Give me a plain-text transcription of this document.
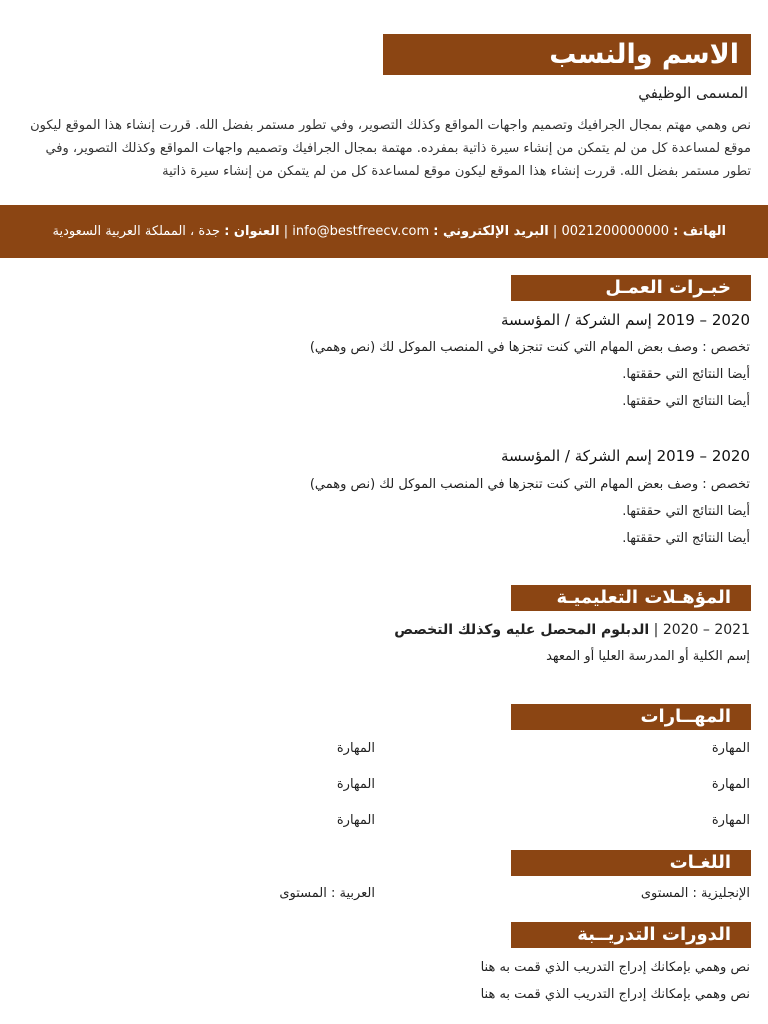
الاسم والنسب
المسمى الوظيفي
نص وهمي مهتم بمجال الجرافيك وتصميم واجهات المواقع وكذلك التصوير، وفي تطور مستمر بفضل الله. قررت إنشاء هذا الموقع ليكون موقع لمساعدة كل من لم يتمكن من إنشاء سيرة ذاتية بمفرده. مهتمة بمجال الجرافيك وتصميم واجهات المواقع وكذلك التصوير، وفي تطور مستمر بفضل الله. قررت إنشاء هذا الموقع ليكون موقع لمساعدة كل من لم يتمكن من إنشاء سيرة ذاتية
الهاتف : 0021200000000 | البريد الإلكتروني : info@bestfreecv.com | العنوان : جدة ، المملكة العربية السعودية
خبـرات العمـل
2020 – 2019 إسم الشركة / المؤسسة
تخصص : وصف بعض المهام التي كنت تنجزها في المنصب الموكل لك (نص وهمي)
أيضا النتائج التي حققتها.
أيضا النتائج التي حققتها.
2020 – 2019 إسم الشركة / المؤسسة
تخصص : وصف بعض المهام التي كنت تنجزها في المنصب الموكل لك (نص وهمي)
أيضا النتائج التي حققتها.
أيضا النتائج التي حققتها.
المؤهـلات التعليميـة
2020 – 2021 | الدبلوم المحصل عليه وكذلك التخصص
إسم الكلية أو المدرسة العليا أو المعهد
المهــارات
المهارة
المهارة
المهارة
المهارة
المهارة
المهارة
اللغـات
الإنجليزية : المستوى
العربية : المستوى
الدورات التدريــبة
نص وهمي بإمكانك إدراج التدريب الذي قمت به هنا
نص وهمي بإمكانك إدراج التدريب الذي قمت به هنا
